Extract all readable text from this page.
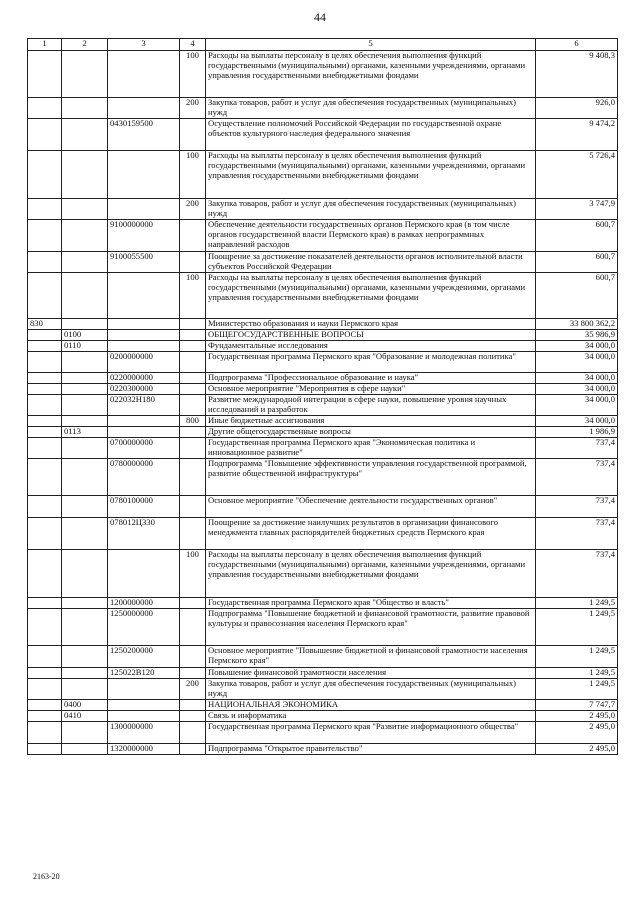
44
1	2	3	4	5	6
			100	Расходы на выплаты персоналу в целях обеспечения выполнения функций государственными (муниципальными) органами, казенными учреждениями, органами управления государственными внебюджетными фондами	9 408,3
			200	Закупка товаров, работ и услуг для обеспечения государственных (муниципальных) нужд	926,0
		0430159500		Осуществление полномочий Российской Федерации по государственной охране объектов культурного наследия федерального значения	9 474,2
			100	Расходы на выплаты персоналу в целях обеспечения выполнения функций государственными (муниципальными) органами, казенными учреждениями, органами управления государственными внебюджетными фондами	5 726,4
			200	Закупка товаров, работ и услуг для обеспечения государственных (муниципальных) нужд	3 747,9
		9100000000		Обеспечение деятельности государственных органов Пермского края (в том числе органов государственной власти Пермского края) в рамках непрограммных направлений расходов	600,7
		9100055500		Поощрение за достижение показателей деятельности органов исполнительной власти субъектов Российской Федерации	600,7
			100	Расходы на выплаты персоналу в целях обеспечения выполнения функций государственными (муниципальными) органами, казенными учреждениями, органами управления государственными внебюджетными фондами	600,7
830				Министерство образования и науки Пермского края	33 800 362,2
	0100			ОБЩЕГОСУДАРСТВЕННЫЕ ВОПРОСЫ	35 986,9
	0110			Фундаментальные исследования	34 000,0
		0200000000		Государственная программа Пермского края "Образование и молодежная политика"	34 000,0
		0220000000		Подпрограмма "Профессиональное образование и наука"	34 000,0
		0220300000		Основное мероприятие "Мероприятия в сфере науки"	34 000,0
		022032Н180		Развитие международной интеграции в сфере науки, повышение уровня научных исследований и разработок	34 000,0
			800	Иные бюджетные ассигнования	34 000,0
	0113			Другие общегосударственные вопросы	1 986,9
		0700000000		Государственная программа Пермского края "Экономическая политика и инновационное развитие"	737,4
		0780000000		Подпрограмма "Повышение эффективности управления государственной программой, развитие общественной инфраструктуры"	737,4
		0780100000		Основное мероприятие "Обеспечение деятельности государственных органов"	737,4
		078012Ц330		Поощрение за достижение наилучших результатов в организации финансового менеджмента главных распорядителей бюджетных средств Пермского края	737,4
			100	Расходы на выплаты персоналу в целях обеспечения выполнения функций государственными (муниципальными) органами, казенными учреждениями, органами управления государственными внебюджетными фондами	737,4
		1200000000		Государственная программа Пермского края "Общество и власть"	1 249,5
		1250000000		Подпрограмма "Повышение бюджетной и финансовой грамотности, развитие правовой культуры и правосознания населения Пермского края"	1 249,5
		1250200000		Основное мероприятие "Повышение бюджетной и финансовой грамотности населения Пермского края"	1 249,5
		125022В120		Повышение финансовой грамотности населения	1 249,5
			200	Закупка товаров, работ и услуг для обеспечения государственных (муниципальных) нужд	1 249,5
	0400			НАЦИОНАЛЬНАЯ ЭКОНОМИКА	7 747,7
	0410			Связь и информатика	2 495,0
		1300000000		Государственная программа Пермского края "Развитие информационного общества"	2 495,0
		1320000000		Подпрограмма "Открытое правительство"	2 495,0
2163-20
